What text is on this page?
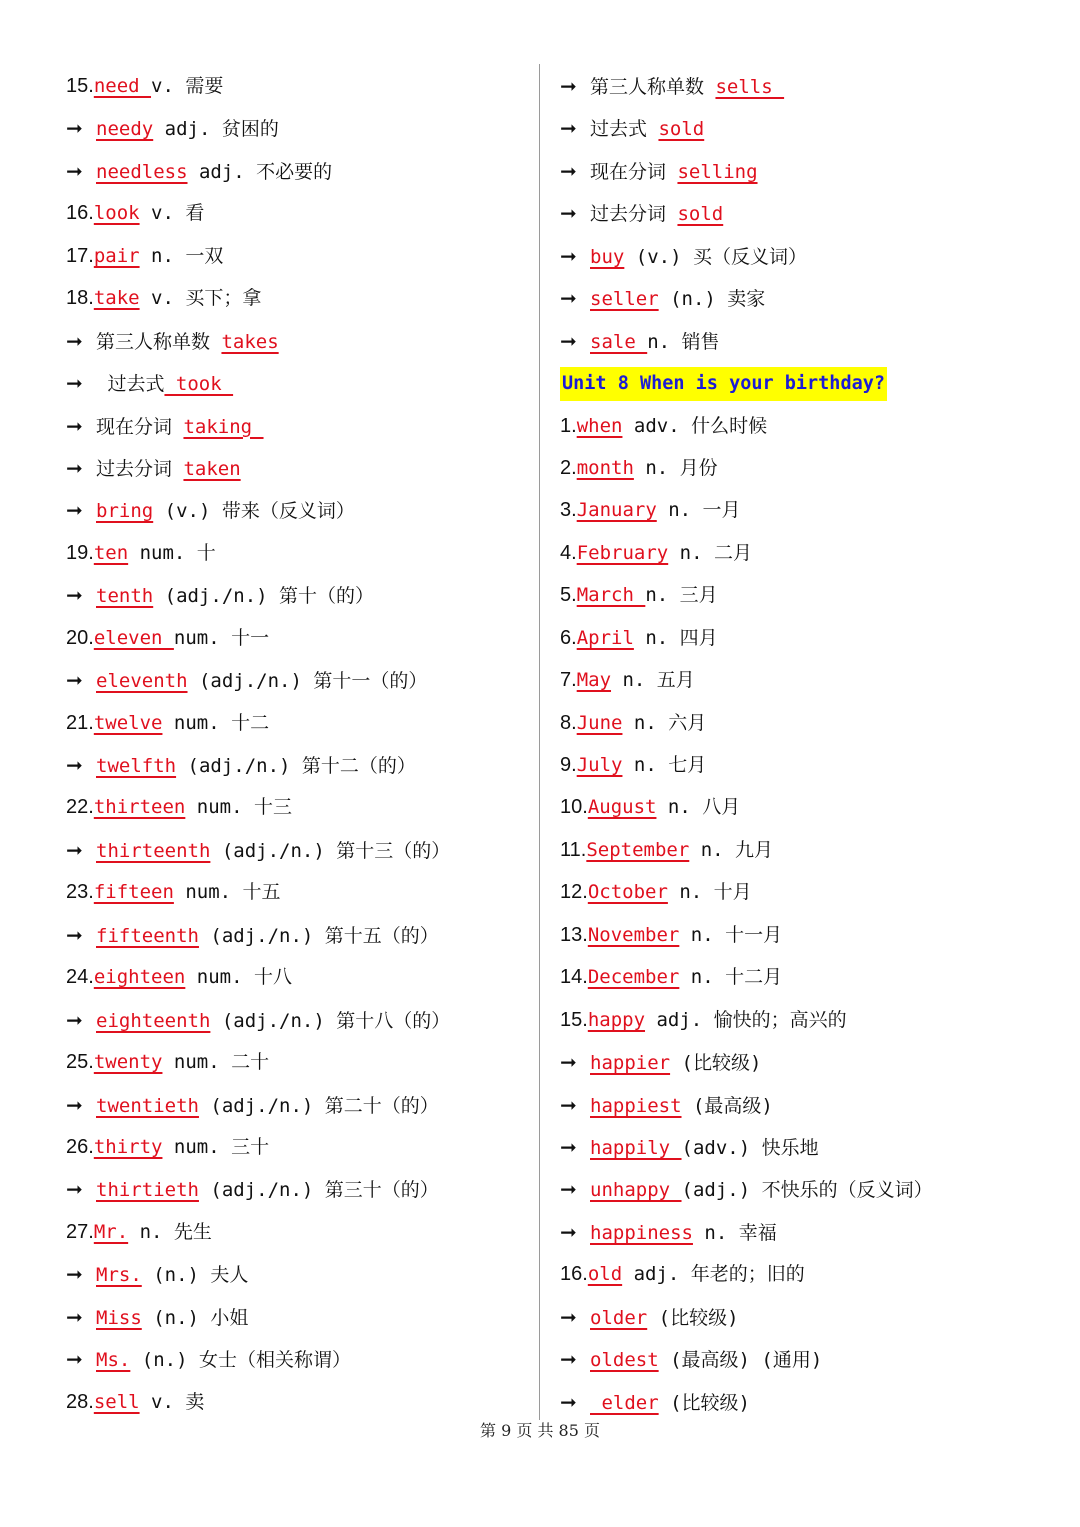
15.need v. 需要
➞ needy adj. 贫困的
➞ needless adj. 不必要的
16.look v. 看
17.pair n. 一双
18.take v. 买下；拿
➞ 第三人称单数 takes
➞ 过去式 took
➞ 现在分词 taking
➞ 过去分词 taken
➞ bring (v.) 带来（反义词）
19.ten num. 十
➞ tenth (adj./n.) 第十（的）
20.eleven num. 十一
➞ eleventh (adj./n.) 第十一（的）
21.twelve num. 十二
➞ twelfth (adj./n.) 第十二（的）
22.thirteen num. 十三
➞ thirteenth (adj./n.) 第十三（的）
23.fifteen num. 十五
➞ fifteenth (adj./n.) 第十五（的）
24.eighteen num. 十八
➞ eighteenth (adj./n.) 第十八（的）
25.twenty num. 二十
➞ twentieth (adj./n.) 第二十（的）
26.thirty num. 三十
➞ thirtieth (adj./n.) 第三十（的）
27.Mr. n. 先生
➞ Mrs. (n.) 夫人
➞ Miss (n.) 小姐
➞ Ms. (n.) 女士（相关称谓）
28.sell v. 卖
➞ 第三人称单数 sells
➞ 过去式 sold
➞ 现在分词 selling
➞ 过去分词 sold
➞ buy (v.) 买（反义词）
➞ seller (n.) 卖家
➞ sale n. 销售
Unit 8 When is your birthday?
1.when adv. 什么时候
2.month n. 月份
3.January n. 一月
4.February n. 二月
5.March n. 三月
6.April n. 四月
7.May n. 五月
8.June n. 六月
9.July n. 七月
10.August n. 八月
11.September n. 九月
12.October n. 十月
13.November n. 十一月
14.December n. 十二月
15.happy adj. 愉快的；高兴的
➞ happier (比较级)
➞ happiest (最高级)
➞ happily (adv.) 快乐地
➞ unhappy (adj.) 不快乐的（反义词）
➞ happiness n. 幸福
16.old adj. 年老的；旧的
➞ older (比较级)
➞ oldest (最高级) (通用)
➞ elder (比较级)
第 9 页 共 85 页
